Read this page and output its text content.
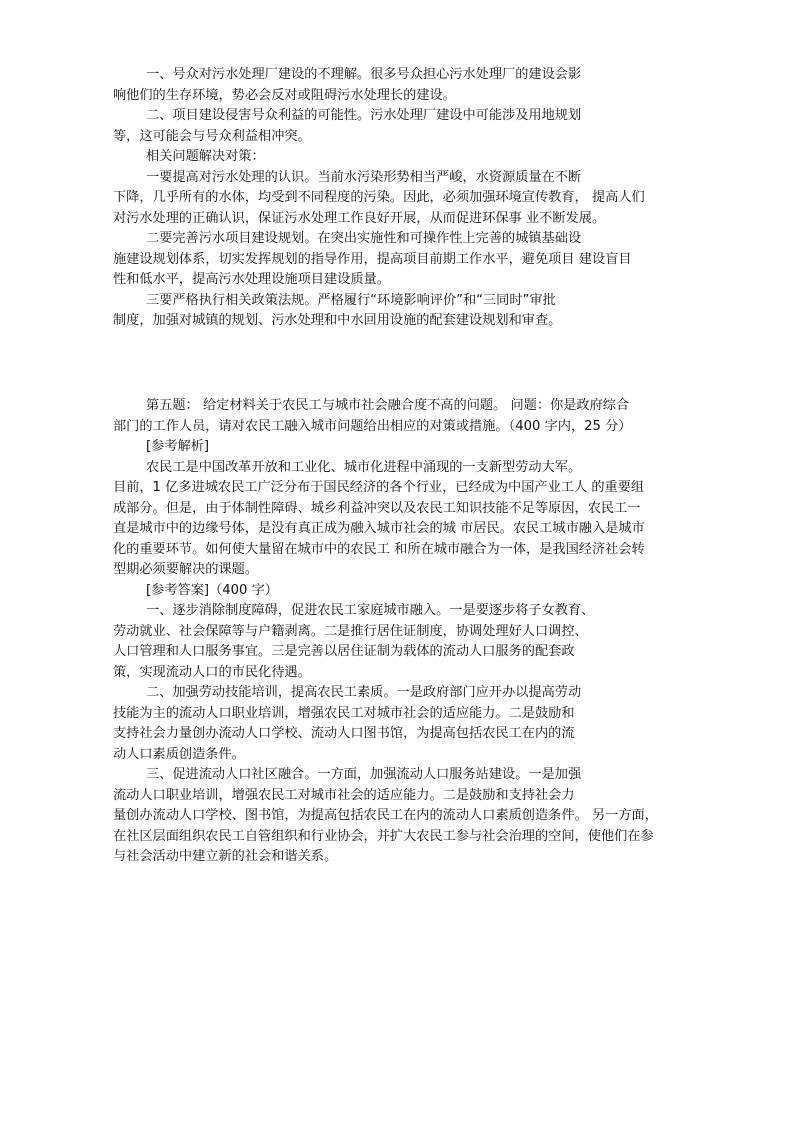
一、号众对污水处理厂建设的不理解。很多号众担心污水处理厂的建设会影
响他们的生存环境，势必会反对或阻碍污水处理长的建设。
二、项目建设侵害号众利益的可能性。污水处理厂建设中可能涉及用地规划
等，这可能会与号众利益相冲突。
相关问题解决对策：
一要提高对污水处理的认识。当前水污染形势相当严峻，水资源质量在不断
下降，几乎所有的水体，均受到不同程度的污染。因此，必须加强环境宣传教育， 提高人们
对污水处理的正确认识，保证污水处理工作良好开展，从而促进环保事 业不断发展。
二要完善污水项目建设规划。在突出实施性和可操作性上完善的城镇基础设
施建设规划体系，切实发挥规划的指导作用，提高项目前期工作水平，避免项目 建设盲目
性和低水平，提高污水处理设施项目建设质量。
三要严格执行相关政策法规。严格履行“环境影响评价”和“三同时”审批
制度，加强对城镇的规划、污水处理和中水回用设施的配套建设规划和审查。
第五题： 给定材料关于农民工与城市社会融合度不高的问题。 问题：你是政府综合
部门的工作人员，请对农民工融入城市问题给出相应的对策或措施。（400 字内，25 分）
[参考解析]
农民工是中国改革开放和工业化、城市化进程中涌现的一支新型劳动大军。
目前，1 亿多进城农民工广泛分布于国民经济的各个行业，已经成为中国产业工人 的重要组
成部分。但是，由于体制性障碍、城乡利益冲突以及农民工知识技能不足等原因，农民工一
直是城市中的边缘号体，是没有真正成为融入城市社会的城 市居民。农民工城市融入是城市
化的重要环节。如何使大量留在城市中的农民工 和所在城市融合为一体，是我国经济社会转
型期必须要解决的课题。
[参考答案]（400 字）
一、逐步消除制度障碍，促进农民工家庭城市融入。一是要逐步将子女教育、
劳动就业、社会保障等与户籍剥离。二是推行居住证制度，协调处理好人口调控、
人口管理和人口服务事宜。三是完善以居住证制为载体的流动人口服务的配套政
策，实现流动人口的市民化待遇。
二、加强劳动技能培训，提高农民工素质。一是政府部门应开办以提高劳动
技能为主的流动人口职业培训，增强农民工对城市社会的适应能力。二是鼓励和
支持社会力量创办流动人口学校、流动人口图书馆，为提高包括农民工在内的流
动人口素质创造条件。
三、促进流动人口社区融合。一方面，加强流动人口服务站建设。一是加强
流动人口职业培训，增强农民工对城市社会的适应能力。二是鼓励和支持社会力
量创办流动人口学校、图书馆，为提高包括农民工在内的流动人口素质创造条件。 另一方面，
在社区层面组织农民工自管组织和行业协会，并扩大农民工参与社会治理的空间，使他们在参
与社会活动中建立新的社会和谐关系。
